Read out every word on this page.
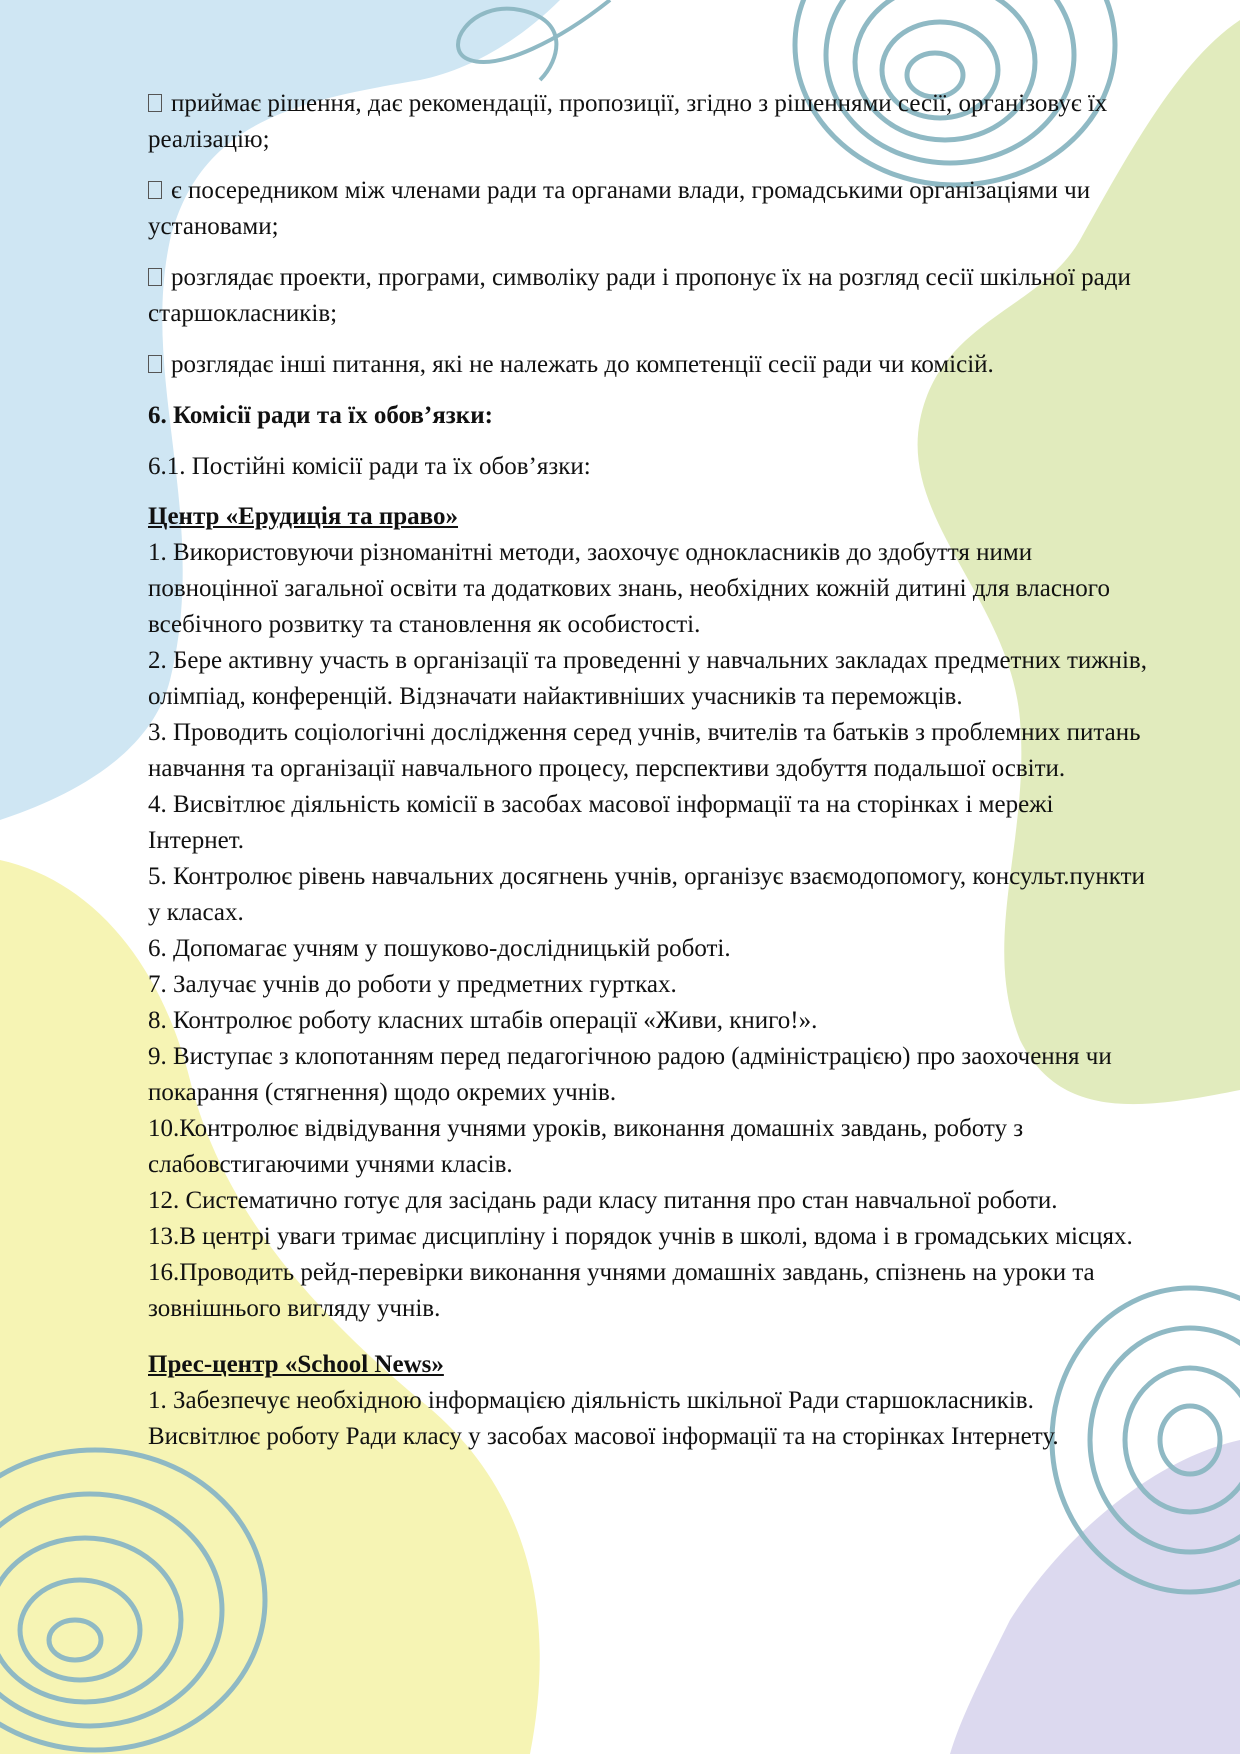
приймає рішення, дає рекомендації, пропозиції, згідно з рішеннями сесії, організовує їх реалізацію;

є посередником між членами ради та органами влади, громадськими організаціями чи установами;

розглядає проекти, програми, символіку ради і пропонує їх на розгляд сесії шкільної ради старшокласників;

розглядає інші питання, які не належать до компетенції сесії ради чи комісій.

6. Комісії ради та їх обов’язки:

6.1. Постійні комісії ради та їх обов’язки:

Центр «Ерудиція та право»

1. Використовуючи різноманітні методи, заохочує однокласників до здобуття ними повноцінної загальної освіти та додаткових знань, необхідних кожній дитині для власного всебічного розвитку та становлення як особистості.

2. Бере активну участь в організації та проведенні у навчальних закладах предметних тижнів, олімпіад, конференцій. Відзначати найактивніших учасників та переможців.

3. Проводить соціологічні дослідження серед учнів, вчителів та батьків з проблемних питань навчання та організації навчального процесу, перспективи здобуття подальшої освіти.

4. Висвітлює діяльність комісії в засобах масової інформації та на сторінках і мережі Інтернет.

5. Контролює рівень навчальних досягнень учнів, організує взаємодопомогу, консульт.пункти у класах.

6. Допомагає учням у пошуково-дослідницькій роботі.

7. Залучає учнів до роботи у предметних гуртках.

8. Контролює роботу класних штабів операції «Живи, книго!».

9. Виступає з клопотанням перед педагогічною радою (адміністрацією) про заохочення чи покарання (стягнення) щодо окремих учнів.

10.Контролює відвідування учнями уроків, виконання домашніх завдань, роботу з слабовстигаючими учнями класів.

12. Систематично готує для засідань ради класу питання про стан навчальної роботи.

13.В центрі уваги тримає дисципліну і порядок учнів в школі, вдома і в громадських місцях.

16.Проводить рейд-перевірки виконання учнями домашніх завдань, спізнень на уроки та зовнішнього вигляду учнів.

Прес-центр «School News»

1. Забезпечує необхідною інформацією діяльність шкільної Ради старшокласників. Висвітлює роботу Ради класу у засобах масової інформації та на сторінках Інтернету.
